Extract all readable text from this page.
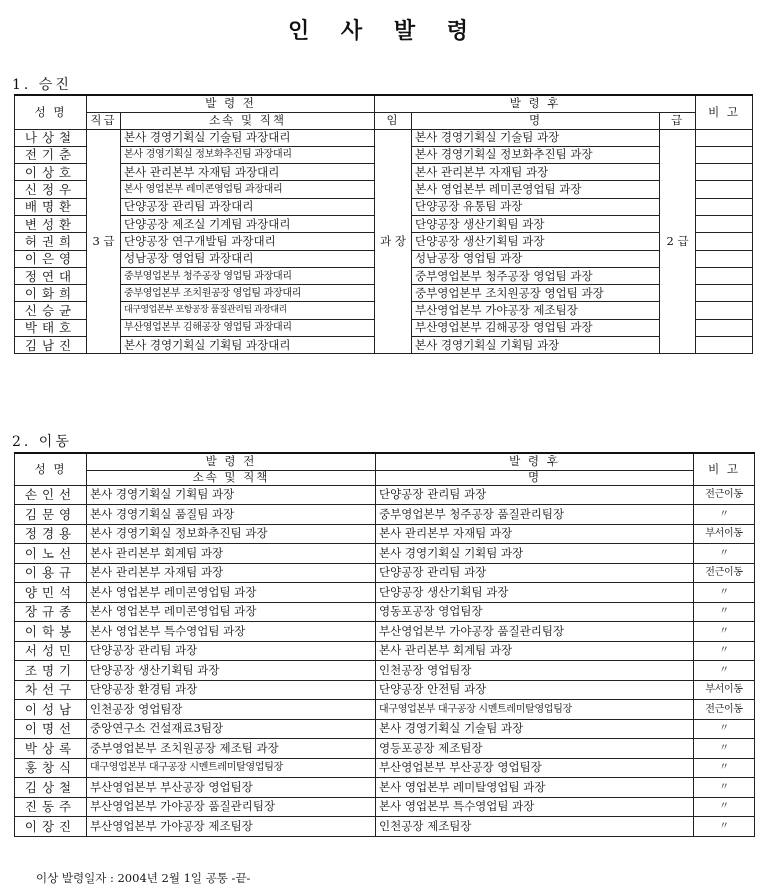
인 사 발 령
1. 승진
성 명	발 령 전		발 령 후			비 고
	직급	소속 및 직책	임	명	급	
나상철	3 급	본사 경영기획실 기술팀 과장대리	과 장	본사 경영기획실 기술팀 과장	2 급	
전기춘		본사 경영기획실 정보화추진팀 과장대리		본사 경영기획실 정보화추진팀 과장		
이상호		본사 관리본부 자재팀 과장대리		본사 관리본부 자재팀 과장		
신정우		본사 영업본부 레미콘영업팀 과장대리		본사 영업본부 레미콘영업팀 과장		
배명환		단양공장 관리팀 과장대리		단양공장 유통팀 과장		
변성환		단양공장 제조실 기계팀 과장대리		단양공장 생산기획팀 과장		
허권희		단양공장 연구개발팀 과장대리		단양공장 생산기획팀 과장		
이은영		성남공장 영업팀 과장대리		성남공장 영업팀 과장		
정연대		중부영업본부 청주공장 영업팀 과장대리		중부영업본부 청주공장 영업팀 과장		
이화희		중부영업본부 조치원공장 영업팀 과장대리		중부영업본부 조치원공장 영업팀 과장		
신승균		대구영업본부 포항공장 품질관리팀 과장대리		부산영업본부 가야공장 제조팀장		
박태호		부산영업본부 김해공장 영업팀 과장대리		부산영업본부 김해공장 영업팀 과장		
김남진		본사 경영기획실 기획팀 과장대리		본사 경영기획실 기획팀 과장		
2. 이동
성 명	발 령 전	발 령 후	비 고
	소속 및 직책	명	
손인선	본사 경영기획실 기획팀 과장	단양공장 관리팀 과장	전근이동
김문영	본사 경영기획실 품질팀 과장	중부영업본부 청주공장 품질관리팀장	〃
정경용	본사 경영기획실 정보화추진팀 과장	본사 관리본부 자재팀 과장	부서이동
이노선	본사 관리본부 회계팀 과장	본사 경영기획실 기획팀 과장	〃
이용규	본사 관리본부 자재팀 과장	단양공장 관리팀 과장	전근이동
양민석	본사 영업본부 레미콘영업팀 과장	단양공장 생산기획팀 과장	〃
장규종	본사 영업본부 레미콘영업팀 과장	영동포공장 영업팀장	〃
이학봉	본사 영업본부 특수영업팀 과장	부산영업본부 가야공장 품질관리팀장	〃
서성민	단양공장 관리팀 과장	본사 관리본부 회계팀 과장	〃
조명기	단양공장 생산기획팀 과장	인천공장 영업팀장	〃
차선구	단양공장 환경팀 과장	단양공장 안전팀 과장	부서이동
이성남	인천공장 영업팀장	대구영업본부 대구공장 시멘트레미탈영업팀장	전근이동
이명선	중앙연구소 건설재료3팀장	본사 경영기획실 기술팀 과장	〃
박상록	중부영업본부 조치원공장 제조팀 과장	영등포공장 제조팀장	〃
홍창식	대구영업본부 대구공장 시멘트레미탈영업팀장	부산영업본부 부산공장 영업팀장	〃
김상철	부산영업본부 부산공장 영업팀장	본사 영업본부 레미탈영업팀 과장	〃
진동주	부산영업본부 가야공장 품질관리팀장	본사 영업본부 특수영업팀 과장	〃
이장진	부산영업본부 가야공장 제조팀장	인천공장 제조팀장	〃
이상 발령일자 : 2004년 2월 1일 공통 -끝-
